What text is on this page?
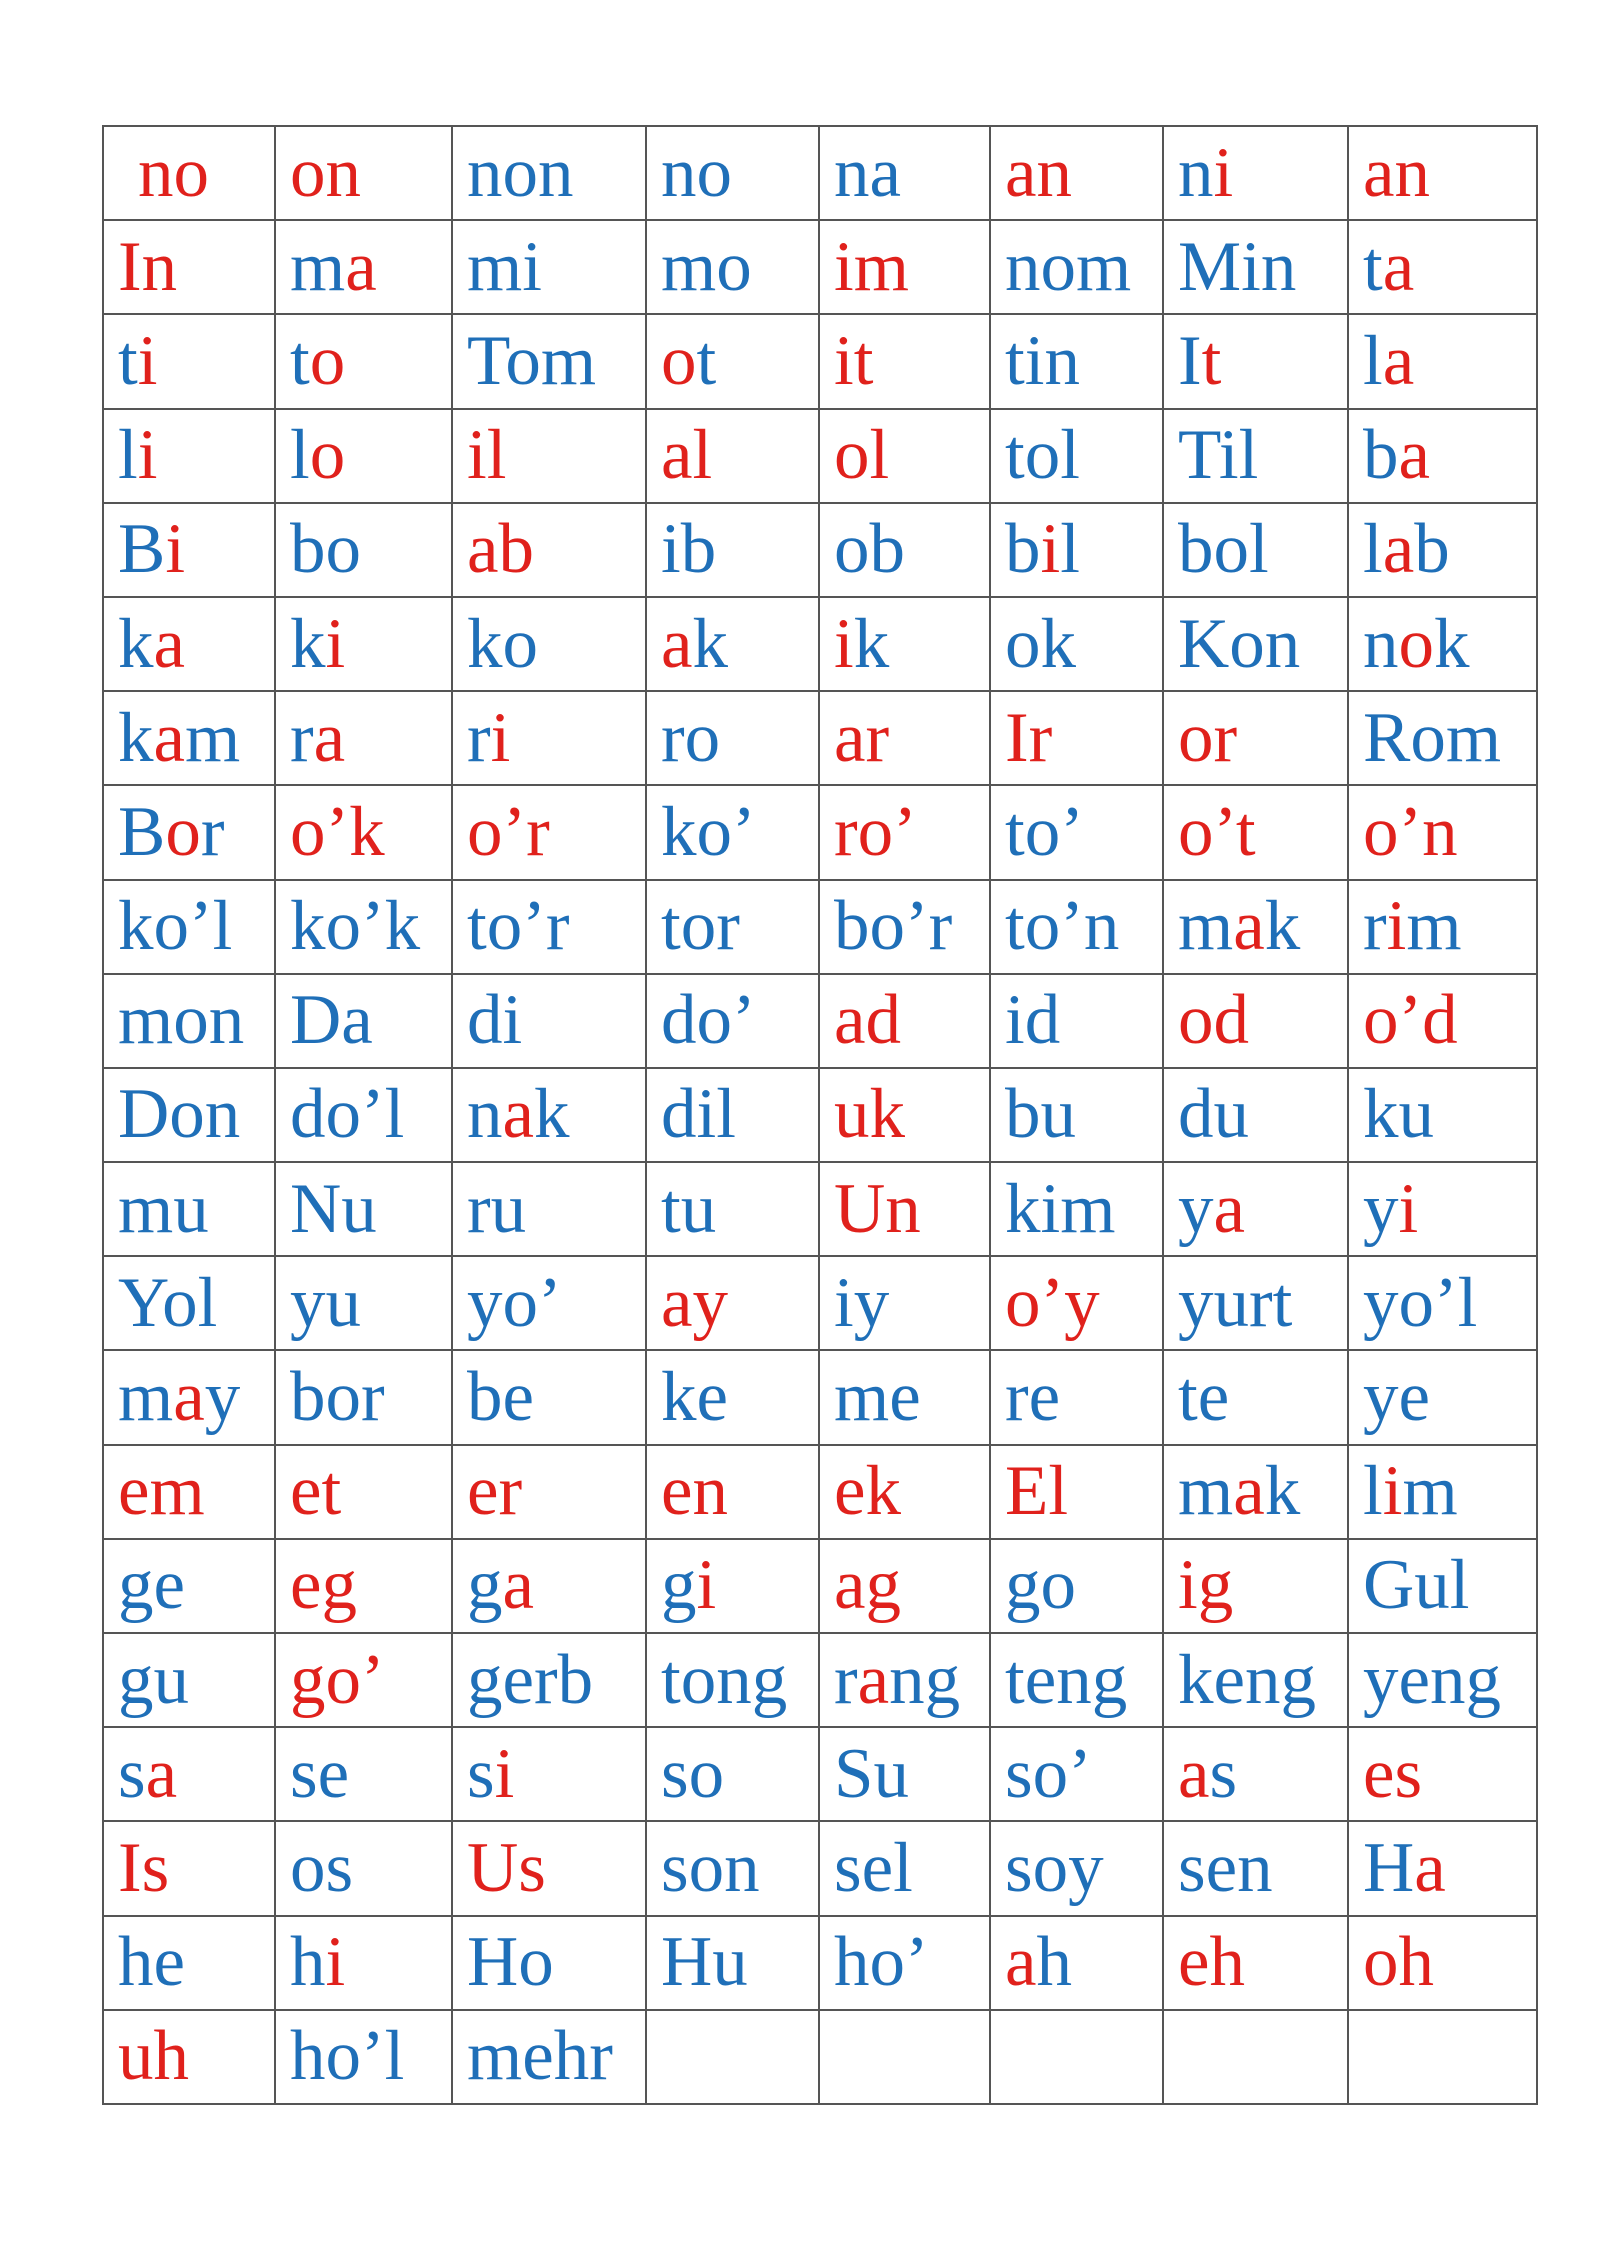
no	on	non	no	na	an	ni	an
In	ma	mi	mo	im	nom	Min	ta
ti	to	Tom	ot	it	tin	It	la
li	lo	il	al	ol	tol	Til	ba
Bi	bo	ab	ib	ob	bil	bol	lab
ka	ki	ko	ak	ik	ok	Kon	nok
kam	ra	ri	ro	ar	Ir	or	Rom
Bor	o’k	o’r	ko’	ro’	to’	o’t	o’n
ko’l	ko’k	to’r	tor	bo’r	to’n	mak	rim
mon	Da	di	do’	ad	id	od	o’d
Don	do’l	nak	dil	uk	bu	du	ku
mu	Nu	ru	tu	Un	kim	ya	yi
Yol	yu	yo’	ay	iy	o’y	yurt	yo’l
may	bor	be	ke	me	re	te	ye
em	et	er	en	ek	El	mak	lim
ge	eg	ga	gi	ag	go	ig	Gul
gu	go’	gerb	tong	rang	teng	keng	yeng
sa	se	si	so	Su	so’	as	es
Is	os	Us	son	sel	soy	sen	Ha
he	hi	Ho	Hu	ho’	ah	eh	oh
uh	ho’l	mehr					
